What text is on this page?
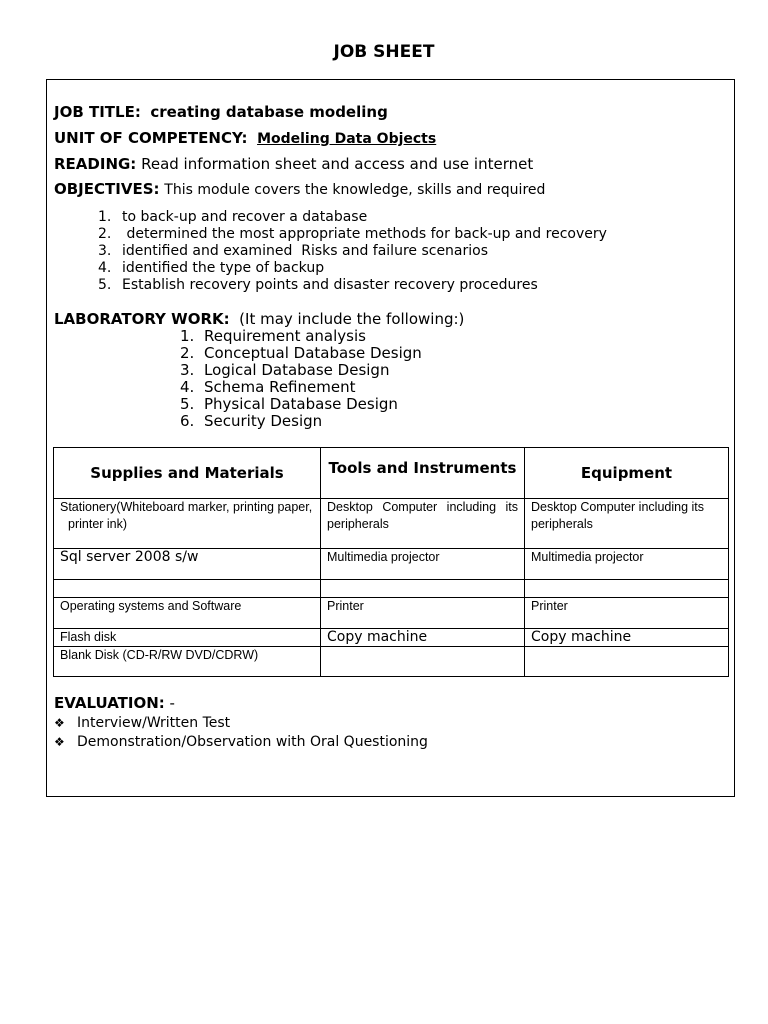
JOB SHEET
JOB TITLE: creating database modeling
UNIT OF COMPETENCY: Modeling Data Objects
READING: Read information sheet and access and use internet
OBJECTIVES: This module covers the knowledge, skills and required
1. to back-up and recover a database
2. determined the most appropriate methods for back-up and recovery
3. identified and examined  Risks and failure scenarios
4. identified the type of backup
5. Establish recovery points and disaster recovery procedures
LABORATORY WORK: (It may include the following:)
1. Requirement analysis
2. Conceptual Database Design
3. Logical Database Design
4. Schema Refinement
5. Physical Database Design
6. Security Design
Supplies and Materials	Tools and Instruments	Equipment

Stationery(Whiteboard marker, printing paper, printer ink)	Desktop Computer including its peripherals	Desktop Computer including its peripherals
Sql server 2008 s/w	Multimedia projector	Multimedia projector

Operating systems and Software	Printer	Printer
Flash disk	Copy machine	Copy machine
Blank Disk (CD-R/RW DVD/CDRW)		
EVALUATION: -
❖ Interview/Written Test
❖ Demonstration/Observation with Oral Questioning
